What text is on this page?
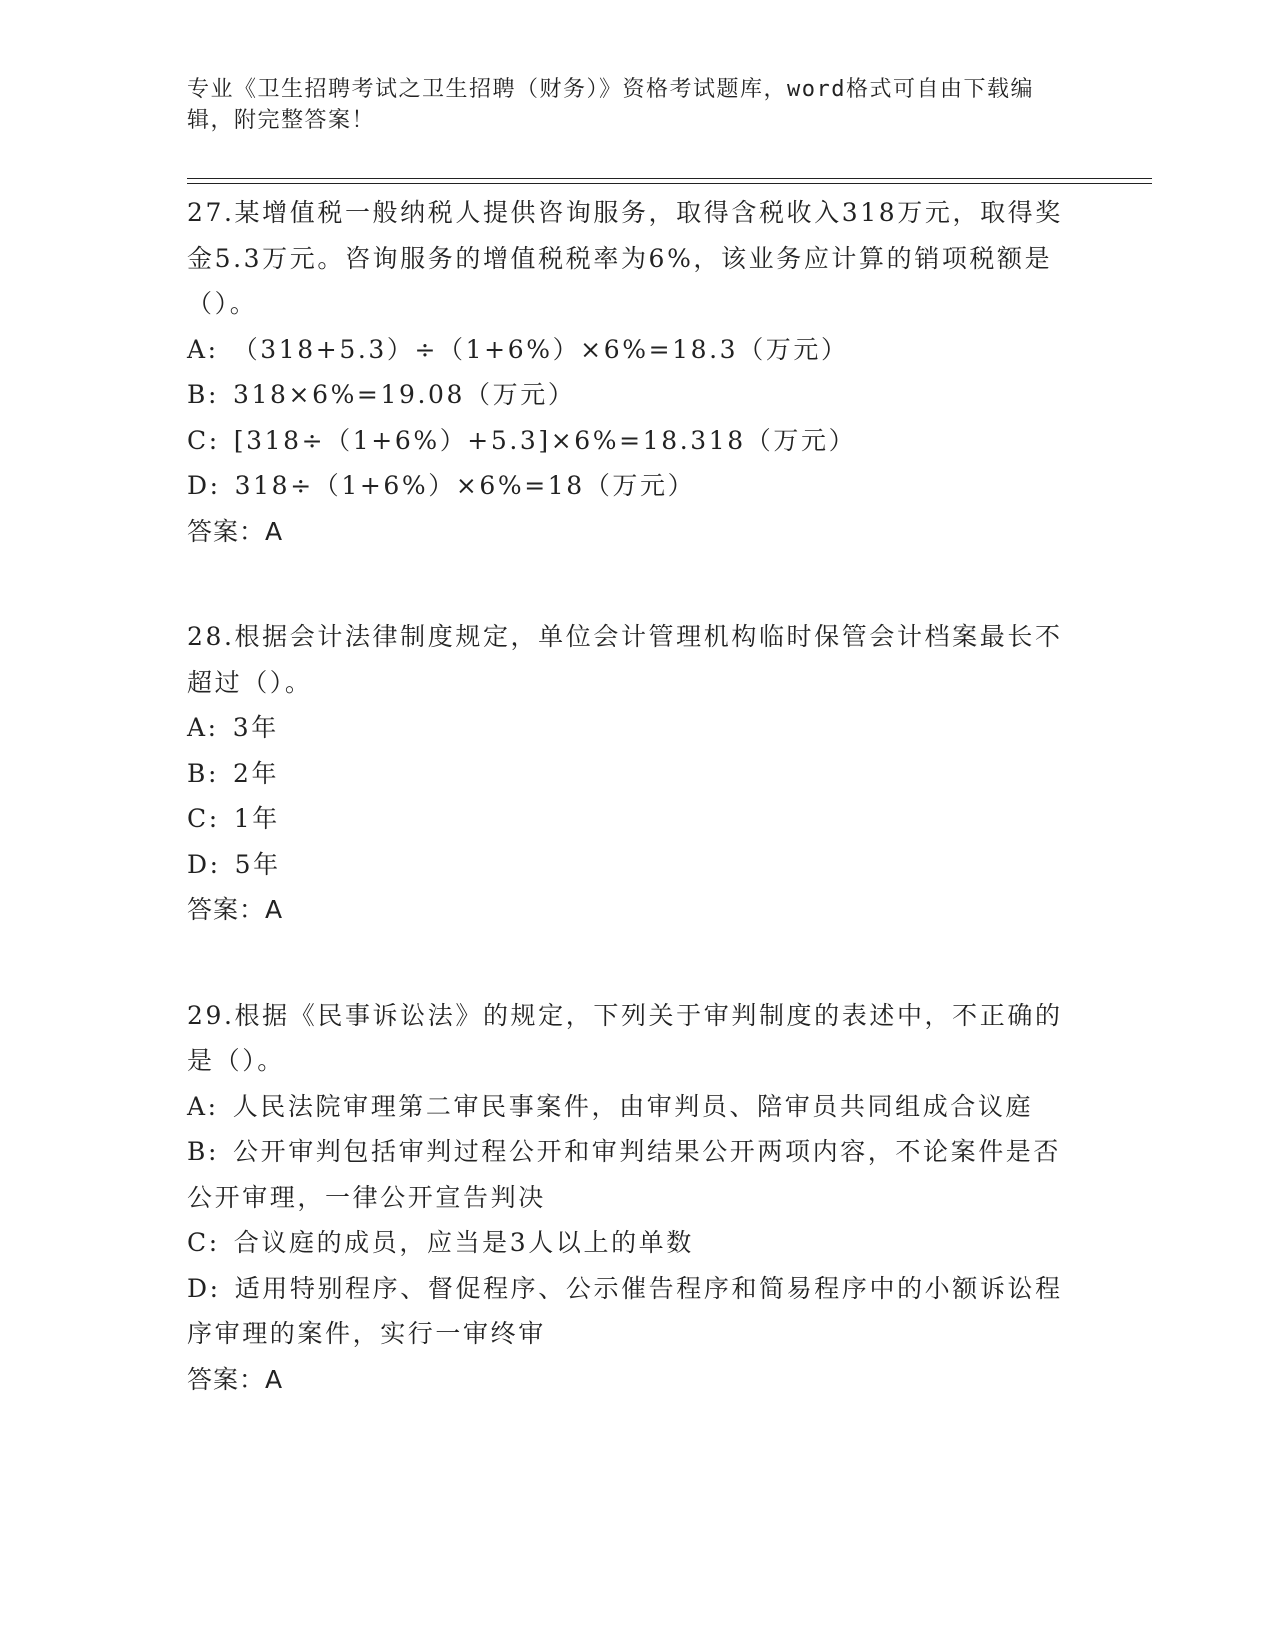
专业《卫生招聘考试之卫生招聘（财务）》资格考试题库，word格式可自由下载编辑，附完整答案！

27.某增值税一般纳税人提供咨询服务，取得含税收入318万元，取得奖金5.3万元。咨询服务的增值税税率为6%，该业务应计算的销项税额是（）。

A: （318+5.3）÷（1+6%）×6%=18.3（万元）

B: 318×6%=19.08（万元）

C: [318÷（1+6%）+5.3]×6%=18.318（万元）

D: 318÷（1+6%）×6%=18（万元）

答案：A

28.根据会计法律制度规定，单位会计管理机构临时保管会计档案最长不超过（）。

A: 3年

B: 2年

C: 1年

D: 5年

答案：A

29.根据《民事诉讼法》的规定，下列关于审判制度的表述中，不正确的是（）。

A: 人民法院审理第二审民事案件，由审判员、陪审员共同组成合议庭

B: 公开审判包括审判过程公开和审判结果公开两项内容，不论案件是否公开审理，一律公开宣告判决

C: 合议庭的成员，应当是3人以上的单数

D: 适用特别程序、督促程序、公示催告程序和简易程序中的小额诉讼程序审理的案件，实行一审终审

答案：A
